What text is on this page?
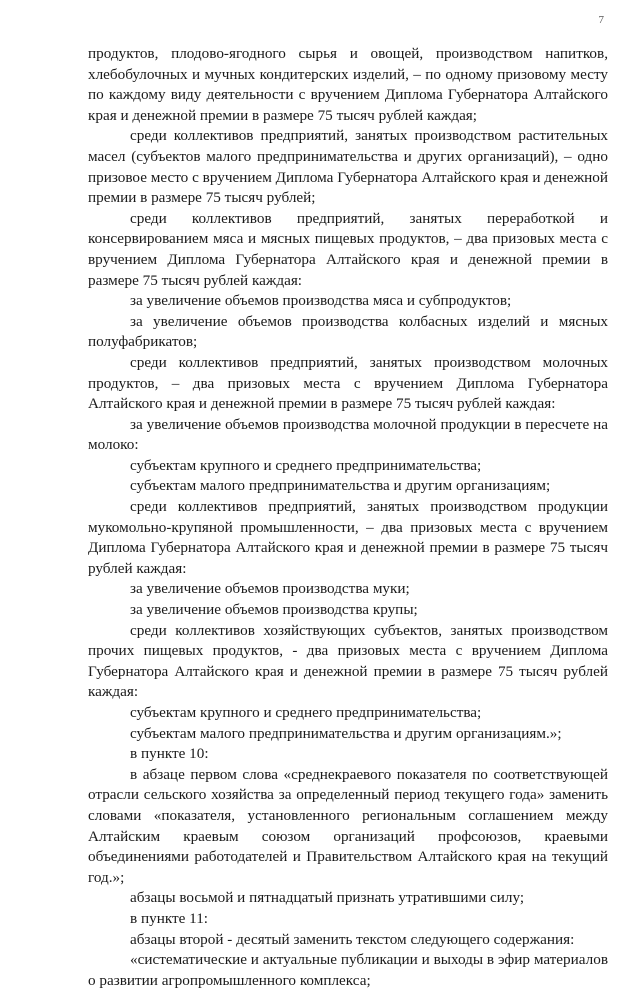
7

продуктов, плодово-ягодного сырья и овощей, производством напитков, хлебобулочных и мучных кондитерских изделий, – по одному призовому месту по каждому виду деятельности с вручением Диплома Губернатора Алтайского края и денежной премии в размере 75 тысяч рублей каждая;

среди коллективов предприятий, занятых производством растительных масел (субъектов малого предпринимательства и других организаций), – одно призовое место с вручением Диплома Губернатора Алтайского края и денежной премии в размере 75 тысяч рублей;

среди коллективов предприятий, занятых переработкой и консервированием мяса и мясных пищевых продуктов, – два призовых места с вручением Диплома Губернатора Алтайского края и денежной премии в размере 75 тысяч рублей каждая:

за увеличение объемов производства мяса и субпродуктов;

за увеличение объемов производства колбасных изделий и мясных полуфабрикатов;

среди коллективов предприятий, занятых производством молочных продуктов, – два призовых места с вручением Диплома Губернатора Алтайского края и денежной премии в размере 75 тысяч рублей каждая:

за увеличение объемов производства молочной продукции в пересчете на молоко:

субъектам крупного и среднего предпринимательства;

субъектам малого предпринимательства и другим организациям;

среди коллективов предприятий, занятых производством продукции мукомольно-крупяной промышленности, – два призовых места с вручением Диплома Губернатора Алтайского края и денежной премии в размере 75 тысяч рублей каждая:

за увеличение объемов производства муки;

за увеличение объемов производства крупы;

среди коллективов хозяйствующих субъектов, занятых производством прочих пищевых продуктов, - два призовых места с вручением Диплома Губернатора Алтайского края и денежной премии в размере 75 тысяч рублей каждая:

субъектам крупного и среднего предпринимательства;

субъектам малого предпринимательства и другим организациям.»;

в пункте 10:

в абзаце первом слова «среднекраевого показателя по соответствующей отрасли сельского хозяйства за определенный период текущего года» заменить словами «показателя, установленного региональным соглашением между Алтайским краевым союзом организаций профсоюзов, краевыми объединениями работодателей и Правительством Алтайского края на текущий год.»;

абзацы восьмой и пятнадцатый признать утратившими силу;

в пункте 11:

абзацы второй - десятый заменить текстом следующего содержания:

«систематические и актуальные публикации и выходы в эфир материалов о развитии агропромышленного комплекса;
